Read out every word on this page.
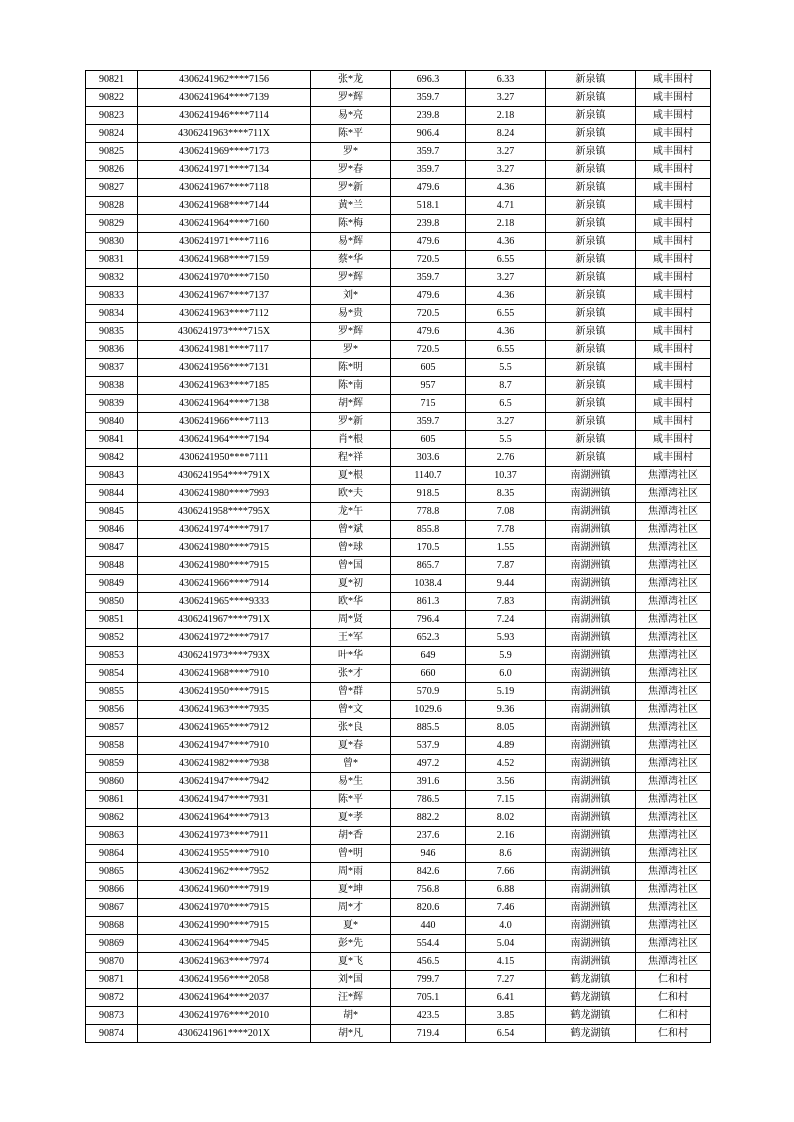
90821	4306241962****7156	张*龙	696.3	6.33	新泉镇	咸丰围村
90822	4306241964****7139	罗*辉	359.7	3.27	新泉镇	咸丰围村
90823	4306241946****7114	易*亮	239.8	2.18	新泉镇	咸丰围村
90824	4306241963****711X	陈*平	906.4	8.24	新泉镇	咸丰围村
90825	4306241969****7173	罗*	359.7	3.27	新泉镇	咸丰围村
90826	4306241971****7134	罗*春	359.7	3.27	新泉镇	咸丰围村
90827	4306241967****7118	罗*新	479.6	4.36	新泉镇	咸丰围村
90828	4306241968****7144	黄*兰	518.1	4.71	新泉镇	咸丰围村
90829	4306241964****7160	陈*梅	239.8	2.18	新泉镇	咸丰围村
90830	4306241971****7116	易*辉	479.6	4.36	新泉镇	咸丰围村
90831	4306241968****7159	蔡*华	720.5	6.55	新泉镇	咸丰围村
90832	4306241970****7150	罗*辉	359.7	3.27	新泉镇	咸丰围村
90833	4306241967****7137	刘*	479.6	4.36	新泉镇	咸丰围村
90834	4306241963****7112	易*贵	720.5	6.55	新泉镇	咸丰围村
90835	4306241973****715X	罗*辉	479.6	4.36	新泉镇	咸丰围村
90836	4306241981****7117	罗*	720.5	6.55	新泉镇	咸丰围村
90837	4306241956****7131	陈*明	605	5.5	新泉镇	咸丰围村
90838	4306241963****7185	陈*南	957	8.7	新泉镇	咸丰围村
90839	4306241964****7138	胡*辉	715	6.5	新泉镇	咸丰围村
90840	4306241966****7113	罗*新	359.7	3.27	新泉镇	咸丰围村
90841	4306241964****7194	肖*根	605	5.5	新泉镇	咸丰围村
90842	4306241950****7111	程*祥	303.6	2.76	新泉镇	咸丰围村
90843	4306241954****791X	夏*根	1140.7	10.37	南湖洲镇	焦潭湾社区
90844	4306241980****7993	欧*夫	918.5	8.35	南湖洲镇	焦潭湾社区
90845	4306241958****795X	龙*午	778.8	7.08	南湖洲镇	焦潭湾社区
90846	4306241974****7917	曾*斌	855.8	7.78	南湖洲镇	焦潭湾社区
90847	4306241980****7915	曾*球	170.5	1.55	南湖洲镇	焦潭湾社区
90848	4306241980****7915	曾*国	865.7	7.87	南湖洲镇	焦潭湾社区
90849	4306241966****7914	夏*初	1038.4	9.44	南湖洲镇	焦潭湾社区
90850	4306241965****9333	欧*华	861.3	7.83	南湖洲镇	焦潭湾社区
90851	4306241967****791X	周*贤	796.4	7.24	南湖洲镇	焦潭湾社区
90852	4306241972****7917	王*军	652.3	5.93	南湖洲镇	焦潭湾社区
90853	4306241973****793X	叶*华	649	5.9	南湖洲镇	焦潭湾社区
90854	4306241968****7910	张*才	660	6.0	南湖洲镇	焦潭湾社区
90855	4306241950****7915	曾*群	570.9	5.19	南湖洲镇	焦潭湾社区
90856	4306241963****7935	曾*文	1029.6	9.36	南湖洲镇	焦潭湾社区
90857	4306241965****7912	张*良	885.5	8.05	南湖洲镇	焦潭湾社区
90858	4306241947****7910	夏*春	537.9	4.89	南湖洲镇	焦潭湾社区
90859	4306241982****7938	曾*	497.2	4.52	南湖洲镇	焦潭湾社区
90860	4306241947****7942	易*生	391.6	3.56	南湖洲镇	焦潭湾社区
90861	4306241947****7931	陈*平	786.5	7.15	南湖洲镇	焦潭湾社区
90862	4306241964****7913	夏*孝	882.2	8.02	南湖洲镇	焦潭湾社区
90863	4306241973****7911	胡*香	237.6	2.16	南湖洲镇	焦潭湾社区
90864	4306241955****7910	曾*明	946	8.6	南湖洲镇	焦潭湾社区
90865	4306241962****7952	周*雨	842.6	7.66	南湖洲镇	焦潭湾社区
90866	4306241960****7919	夏*坤	756.8	6.88	南湖洲镇	焦潭湾社区
90867	4306241970****7915	周*才	820.6	7.46	南湖洲镇	焦潭湾社区
90868	4306241990****7915	夏*	440	4.0	南湖洲镇	焦潭湾社区
90869	4306241964****7945	彭*先	554.4	5.04	南湖洲镇	焦潭湾社区
90870	4306241963****7974	夏*飞	456.5	4.15	南湖洲镇	焦潭湾社区
90871	4306241956****2058	刘*国	799.7	7.27	鹤龙湖镇	仁和村
90872	4306241964****2037	汪*辉	705.1	6.41	鹤龙湖镇	仁和村
90873	4306241976****2010	胡*	423.5	3.85	鹤龙湖镇	仁和村
90874	4306241961****201X	胡*凡	719.4	6.54	鹤龙湖镇	仁和村
